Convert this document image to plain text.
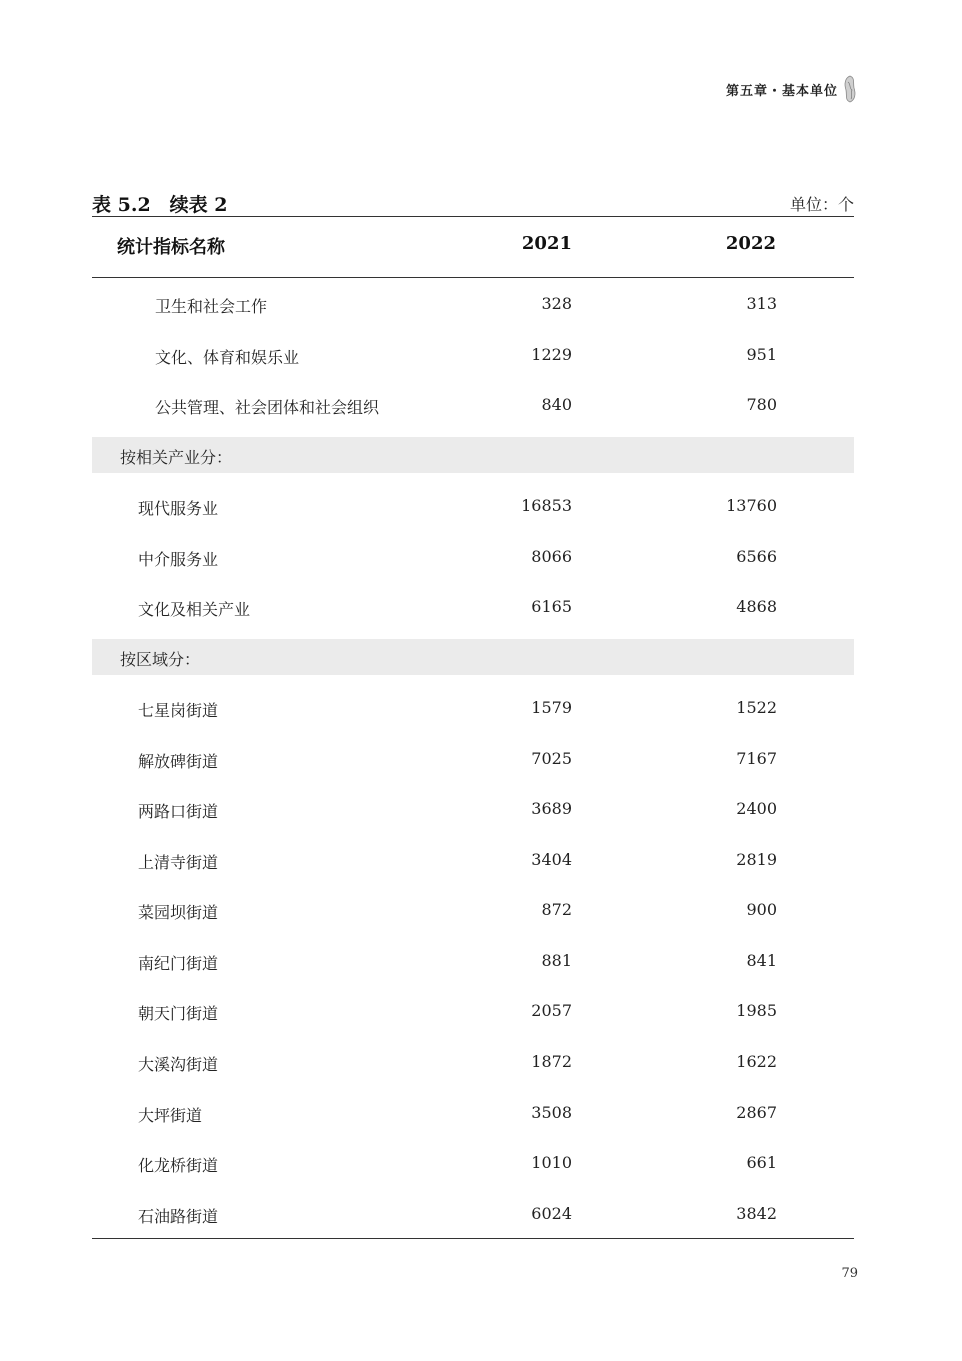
第五章・基本单位
表 5.2　续表 2	单位：个
统计指标名称	2021	2022
卫生和社会工作	328	313
文化、体育和娱乐业	1229	951
公共管理、社会团体和社会组织	840	780
按相关产业分：
现代服务业	16853	13760
中介服务业	8066	6566
文化及相关产业	6165	4868
按区域分：
七星岗街道	1579	1522
解放碑街道	7025	7167
两路口街道	3689	2400
上清寺街道	3404	2819
菜园坝街道	872	900
南纪门街道	881	841
朝天门街道	2057	1985
大溪沟街道	1872	1622
大坪街道	3508	2867
化龙桥街道	1010	661
石油路街道	6024	3842
79
